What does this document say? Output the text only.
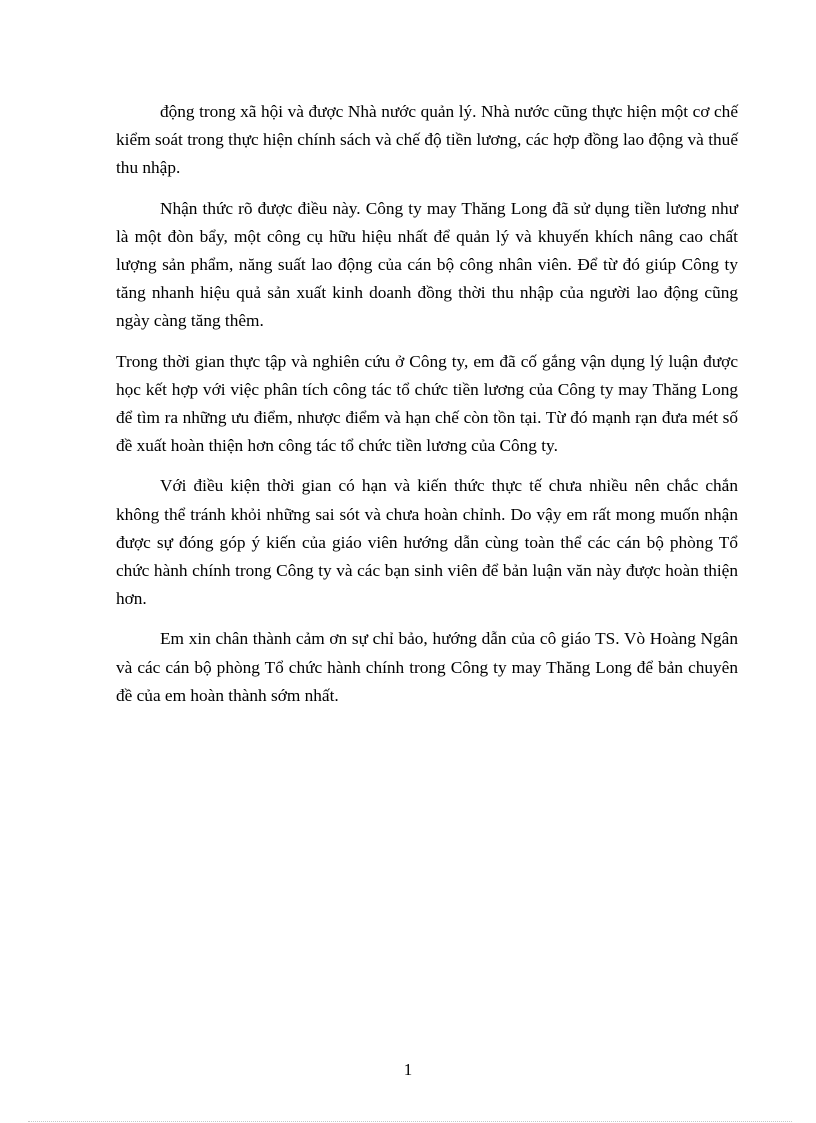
động trong xã hội và được Nhà nước quản lý. Nhà nước cũng thực hiện một cơ chế kiểm soát trong thực hiện chính sách và chế độ tiền lương, các hợp đồng lao động và thuế thu nhập.

Nhận thức rõ được điều này. Công ty may Thăng Long đã sử dụng tiền lương như là một đòn bẩy, một công cụ hữu hiệu nhất để quản lý và khuyến khích nâng cao chất lượng sản phẩm, năng suất lao động của cán bộ công nhân viên. Để từ đó giúp Công ty tăng nhanh hiệu quả sản xuất kinh doanh đồng thời thu nhập của người lao động cũng ngày càng tăng thêm.

Trong thời gian thực tập và nghiên cứu ở Công ty, em đã cố gắng vận dụng lý luận được học kết hợp với việc phân tích công tác tổ chức tiền lương của Công ty may Thăng Long để tìm ra những ưu điểm, nhược điểm và hạn chế còn tồn tại. Từ đó mạnh rạn đưa mét số đề xuất hoàn thiện hơn công tác tổ chức tiền lương của Công ty.

Với điều kiện thời gian có hạn và kiến thức thực tế chưa nhiều nên chắc chắn không thể tránh khỏi những sai sót và chưa hoàn chỉnh. Do vậy em rất mong muốn nhận được sự đóng góp ý kiến của giáo viên hướng dẫn cùng toàn thể các cán bộ phòng Tổ chức hành chính trong Công ty và các bạn sinh viên để bản luận văn này được hoàn thiện hơn.

Em xin chân thành cảm ơn sự chỉ bảo, hướng dẫn của cô giáo TS. Vò Hoàng Ngân và các cán bộ phòng Tổ chức hành chính trong Công ty may Thăng Long để bản chuyên đề của em hoàn thành sớm nhất.

1
